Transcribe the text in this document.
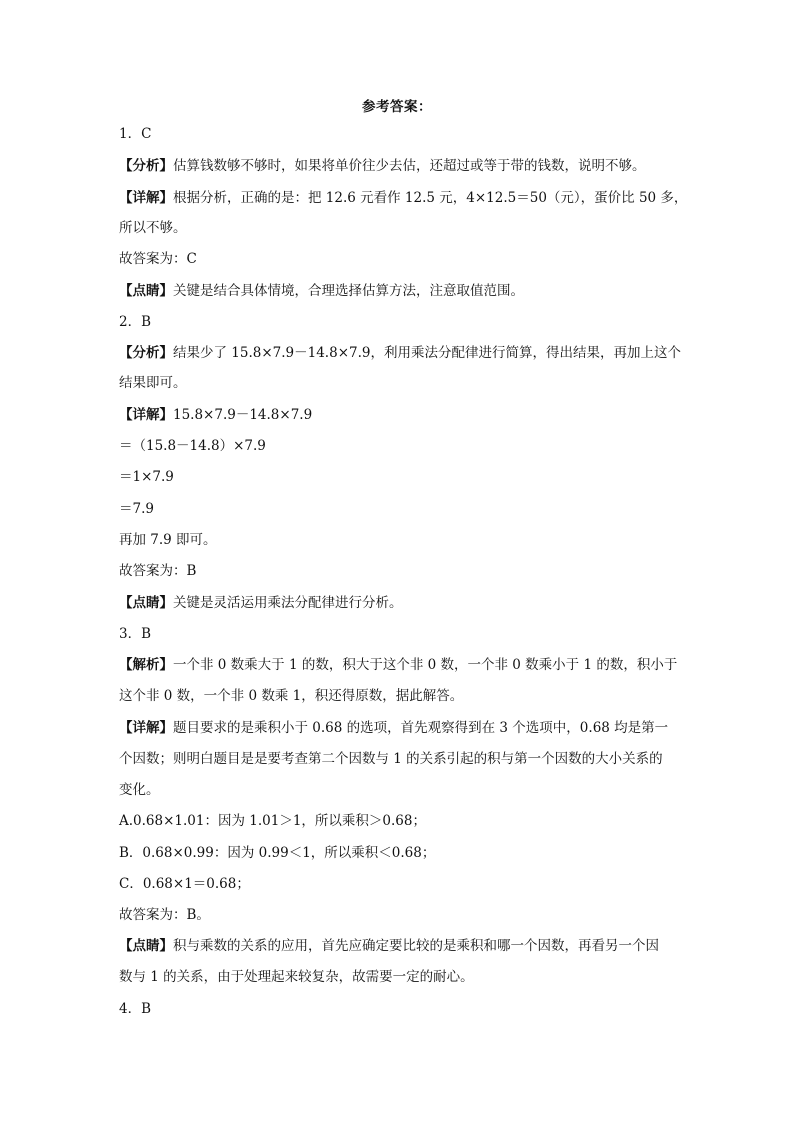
参考答案：
1．C
【分析】估算钱数够不够时，如果将单价往少去估，还超过或等于带的钱数，说明不够。
【详解】根据分析，正确的是：把 12.6 元看作 12.5 元，4×12.5＝50（元），蛋价比 50 多，
所以不够。
故答案为：C
【点睛】关键是结合具体情境，合理选择估算方法，注意取值范围。
2．B
【分析】结果少了 15.8×7.9－14.8×7.9，利用乘法分配律进行简算，得出结果，再加上这个
结果即可。
【详解】15.8×7.9－14.8×7.9
＝（15.8－14.8）×7.9
＝1×7.9
＝7.9
再加 7.9 即可。
故答案为：B
【点睛】关键是灵活运用乘法分配律进行分析。
3．B
【解析】一个非 0 数乘大于 1 的数，积大于这个非 0 数，一个非 0 数乘小于 1 的数，积小于
这个非 0 数，一个非 0 数乘 1，积还得原数，据此解答。
【详解】题目要求的是乘积小于 0.68 的选项，首先观察得到在 3 个选项中，0.68 均是第一
个因数；则明白题目是是要考查第二个因数与 1 的关系引起的积与第一个因数的大小关系的
变化。
A.0.68×1.01：因为 1.01＞1，所以乘积＞0.68；
B．0.68×0.99：因为 0.99＜1，所以乘积＜0.68；
C．0.68×1＝0.68；
故答案为：B。
【点睛】积与乘数的关系的应用，首先应确定要比较的是乘积和哪一个因数，再看另一个因
数与 1 的关系，由于处理起来较复杂，故需要一定的耐心。
4．B
